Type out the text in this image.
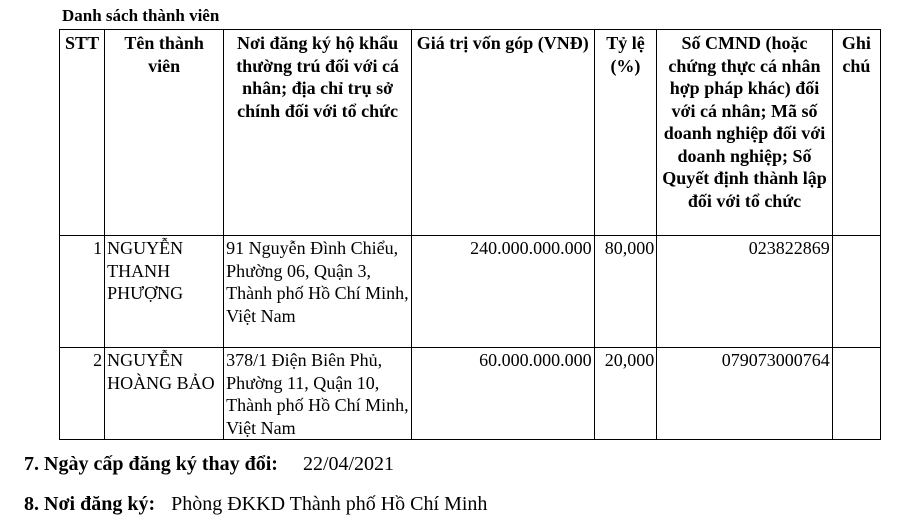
Danh sách thành viên
STT	Tên thành viên	Nơi đăng ký hộ khẩu thường trú đối với cá nhân; địa chỉ trụ sở chính đối với tổ chức	Giá trị vốn góp (VNĐ)	Tỷ lệ (%)	Số CMND (hoặc chứng thực cá nhân hợp pháp khác) đối với cá nhân; Mã số doanh nghiệp đối với doanh nghiệp; Số Quyết định thành lập đối với tổ chức	Ghi chú
1	NGUYỄN THANH PHƯỢNG	91 Nguyễn Đình Chiểu, Phường 06, Quận 3, Thành phố Hồ Chí Minh, Việt Nam	240.000.000.000	80,000	023822869	
2	NGUYỄN HOÀNG BẢO	378/1 Điện Biên Phủ, Phường 11, Quận 10, Thành phố Hồ Chí Minh, Việt Nam	60.000.000.000	20,000	079073000764	
7. Ngày cấp đăng ký thay đổi: 22/04/2021
8. Nơi đăng ký: Phòng ĐKKD Thành phố Hồ Chí Minh
